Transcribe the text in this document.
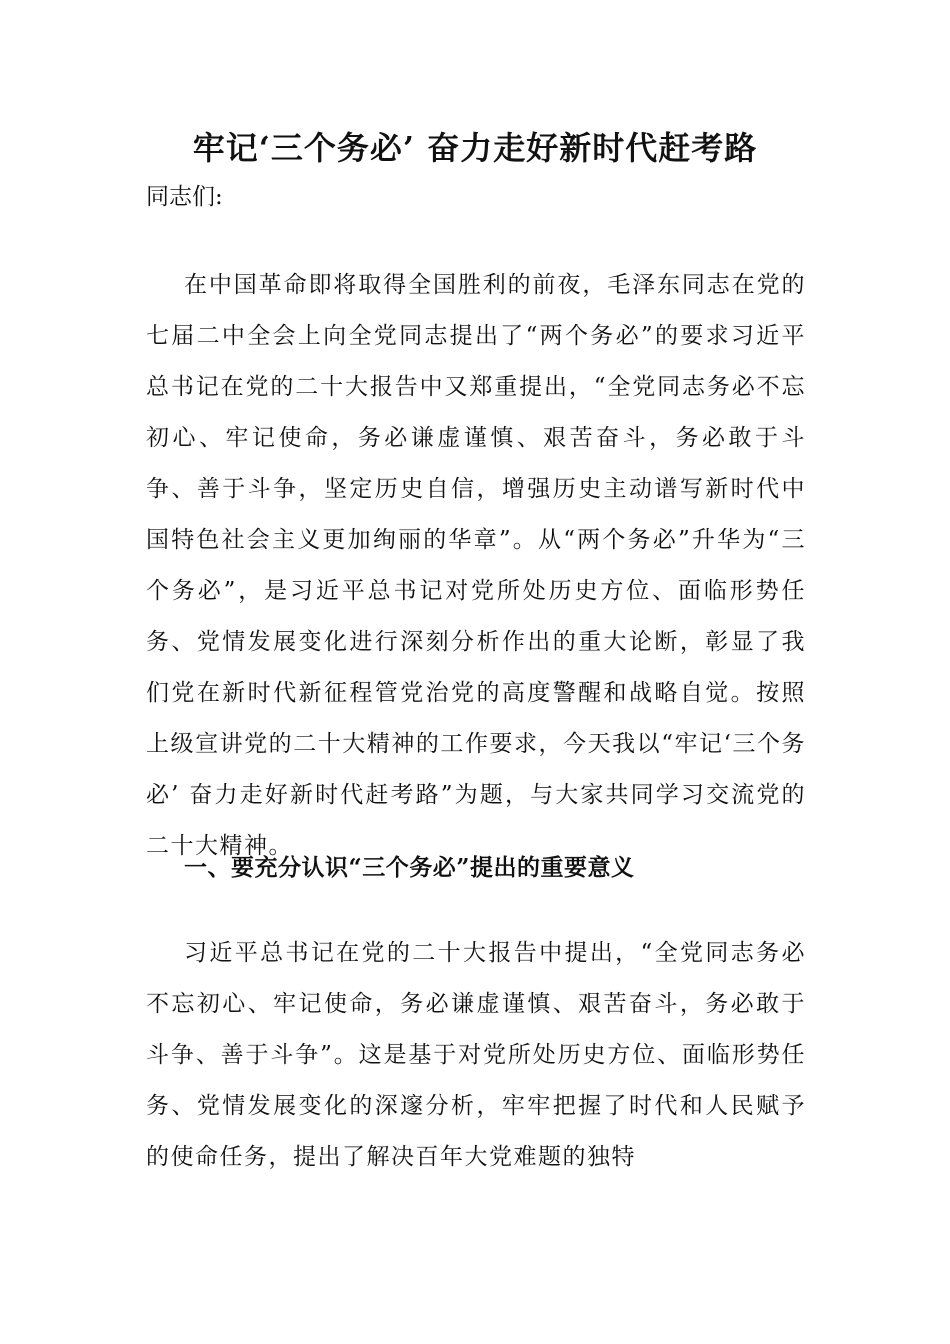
牢记‘三个务必’ 奋力走好新时代赶考路
同志们:

在中国革命即将取得全国胜利的前夜，毛泽东同志在党的七届二中全会上向全党同志提出了“两个务必”的要求习近平总书记在党的二十大报告中又郑重提出，“全党同志务必不忘初心、牢记使命，务必谦虚谨慎、艰苦奋斗，务必敢于斗争、善于斗争，坚定历史自信，增强历史主动谱写新时代中国特色社会主义更加绚丽的华章”。从“两个务必”升华为“三个务必”，是习近平总书记对党所处历史方位、面临形势任务、党情发展变化进行深刻分析作出的重大论断，彰显了我们党在新时代新征程管党治党的高度警醒和战略自觉。按照上级宣讲党的二十大精神的工作要求，今天我以“牢记‘三个务必’ 奋力走好新时代赶考路”为题，与大家共同学习交流党的二十大精神。

一、要充分认识“三个务必”提出的重要意义

习近平总书记在党的二十大报告中提出，“全党同志务必不忘初心、牢记使命，务必谦虚谨慎、艰苦奋斗，务必敢于斗争、善于斗争”。这是基于对党所处历史方位、面临形势任务、党情发展变化的深邃分析，牢牢把握了时代和人民赋予的使命任务，提出了解决百年大党难题的独特
